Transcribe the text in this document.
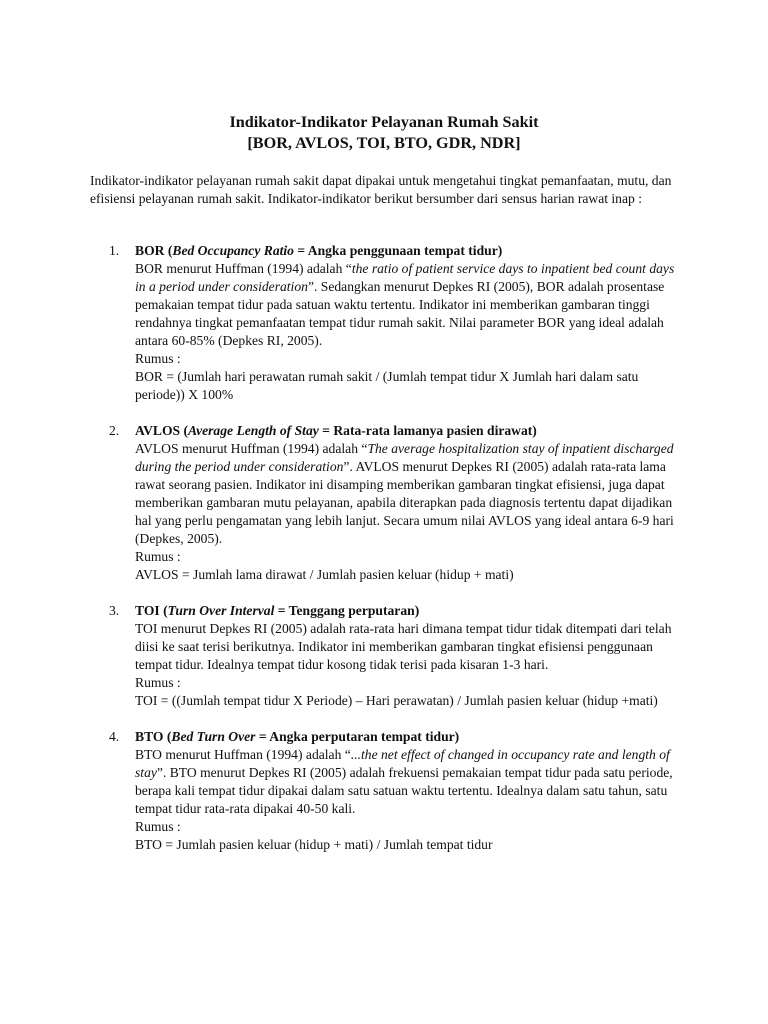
Indikator-Indikator Pelayanan Rumah Sakit
[BOR, AVLOS, TOI, BTO, GDR, NDR]
Indikator-indikator pelayanan rumah sakit dapat dipakai untuk mengetahui tingkat pemanfaatan, mutu, dan efisiensi pelayanan rumah sakit. Indikator-indikator berikut bersumber dari sensus harian rawat inap :
1.	BOR (Bed Occupancy Ratio = Angka penggunaan tempat tidur)
BOR menurut Huffman (1994) adalah “the ratio of patient service days to inpatient bed count days in a period under consideration”. Sedangkan menurut Depkes RI (2005), BOR adalah prosentase pemakaian tempat tidur pada satuan waktu tertentu. Indikator ini memberikan gambaran tinggi rendahnya tingkat pemanfaatan tempat tidur rumah sakit. Nilai parameter BOR yang ideal adalah antara 60-85% (Depkes RI, 2005).
Rumus :
BOR = (Jumlah hari perawatan rumah sakit / (Jumlah tempat tidur X Jumlah hari dalam satu periode)) X 100%
2.	AVLOS (Average Length of Stay = Rata-rata lamanya pasien dirawat)
AVLOS menurut Huffman (1994) adalah “The average hospitalization stay of inpatient discharged during the period under consideration”. AVLOS menurut Depkes RI (2005) adalah rata-rata lama rawat seorang pasien. Indikator ini disamping memberikan gambaran tingkat efisiensi, juga dapat memberikan gambaran mutu pelayanan, apabila diterapkan pada diagnosis tertentu dapat dijadikan hal yang perlu pengamatan yang lebih lanjut. Secara umum nilai AVLOS yang ideal antara 6-9 hari (Depkes, 2005).
Rumus :
AVLOS = Jumlah lama dirawat / Jumlah pasien keluar (hidup + mati)
3.	TOI (Turn Over Interval = Tenggang perputaran)
TOI menurut Depkes RI (2005) adalah rata-rata hari dimana tempat tidur tidak ditempati dari telah diisi ke saat terisi berikutnya. Indikator ini memberikan gambaran tingkat efisiensi penggunaan tempat tidur. Idealnya tempat tidur kosong tidak terisi pada kisaran 1-3 hari.
Rumus :
TOI = ((Jumlah tempat tidur X Periode) – Hari perawatan) / Jumlah pasien keluar (hidup +mati)
4.	BTO (Bed Turn Over = Angka perputaran tempat tidur)
BTO menurut Huffman (1994) adalah “...the net effect of changed in occupancy rate and length of stay”. BTO menurut Depkes RI (2005) adalah frekuensi pemakaian tempat tidur pada satu periode, berapa kali tempat tidur dipakai dalam satu satuan waktu tertentu. Idealnya dalam satu tahun, satu tempat tidur rata-rata dipakai 40-50 kali.
Rumus :
BTO = Jumlah pasien keluar (hidup + mati) / Jumlah tempat tidur
